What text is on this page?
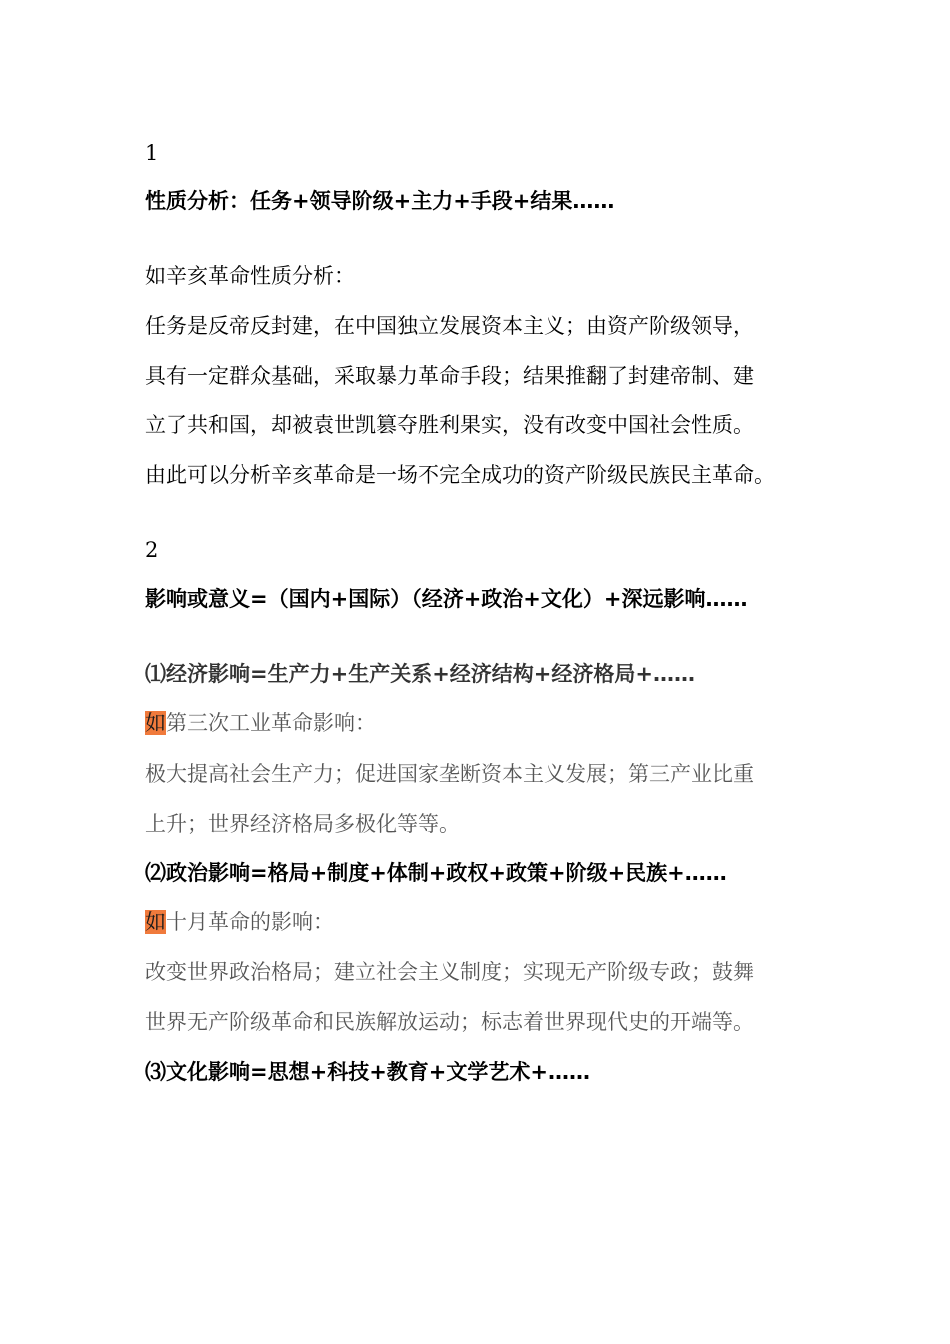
1

性质分析：任务+领导阶级+主力+手段+结果……

如辛亥革命性质分析：

任务是反帝反封建，在中国独立发展资本主义；由资产阶级领导，

具有一定群众基础，采取暴力革命手段；结果推翻了封建帝制、建

立了共和国，却被袁世凯篡夺胜利果实，没有改变中国社会性质。

由此可以分析辛亥革命是一场不完全成功的资产阶级民族民主革命。

2

影响或意义=（国内+国际）（经济+政治+文化）+深远影响……

⑴经济影响=生产力+生产关系+经济结构+经济格局+……

如第三次工业革命影响：

极大提高社会生产力；促进国家垄断资本主义发展；第三产业比重

上升；世界经济格局多极化等等。

⑵政治影响=格局+制度+体制+政权+政策+阶级+民族+……

如十月革命的影响：

改变世界政治格局；建立社会主义制度；实现无产阶级专政；鼓舞

世界无产阶级革命和民族解放运动；标志着世界现代史的开端等。

⑶文化影响=思想+科技+教育+文学艺术+……
